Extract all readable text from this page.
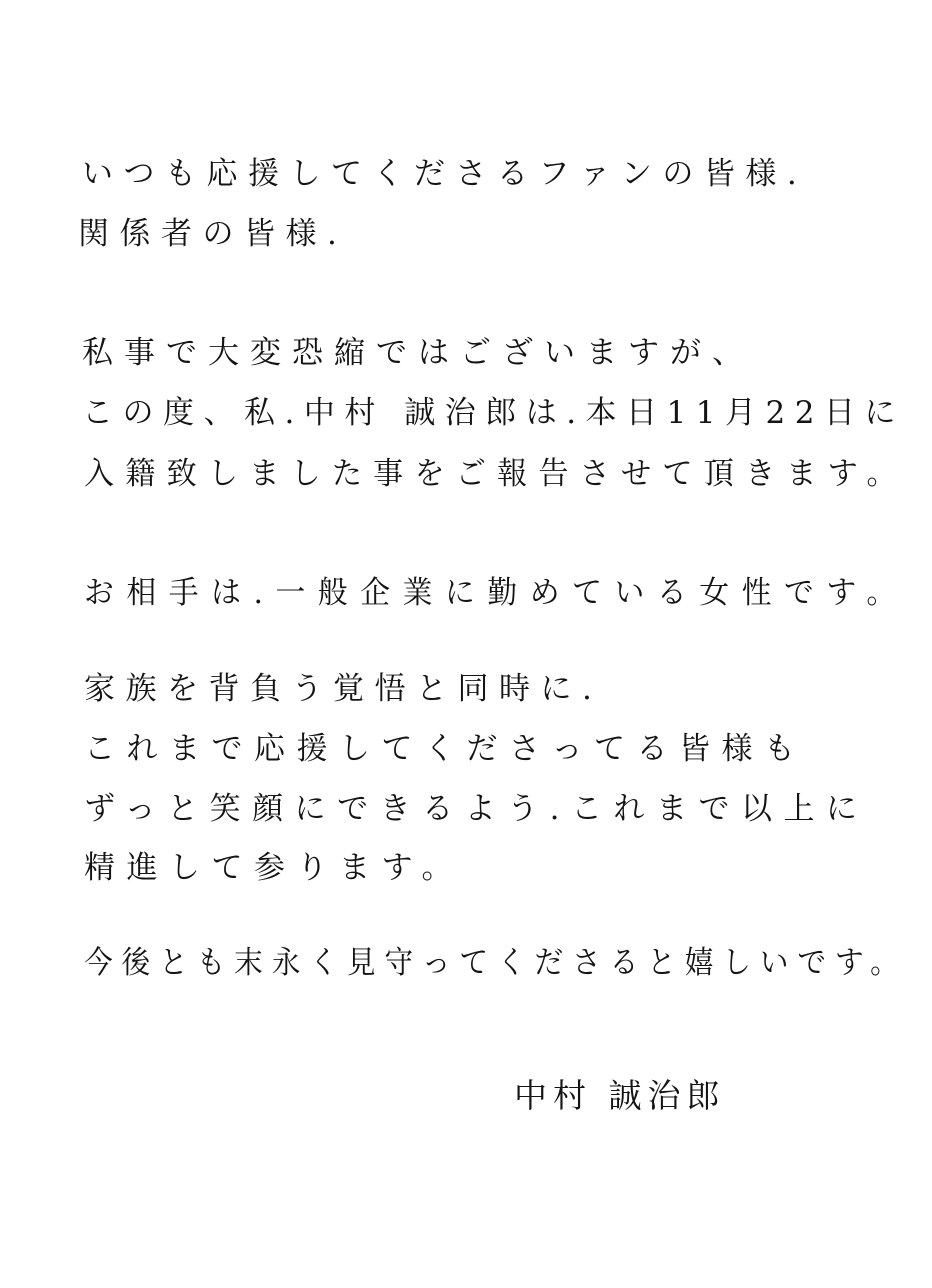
いつも応援してくださるファンの皆様.
関係者の皆様.
私事で大変恐縮ではございますが、
この度、私.中村 誠治郎は.本日11月22日に
入籍致しました事をご報告させて頂きます。
お相手は.一般企業に勤めている女性です。
家族を背負う覚悟と同時に.
これまで応援してくださってる皆様も
ずっと笑顔にできるよう.これまで以上に
精進して参ります。
今後とも末永く見守ってくださると嬉しいです。
中村 誠治郎
